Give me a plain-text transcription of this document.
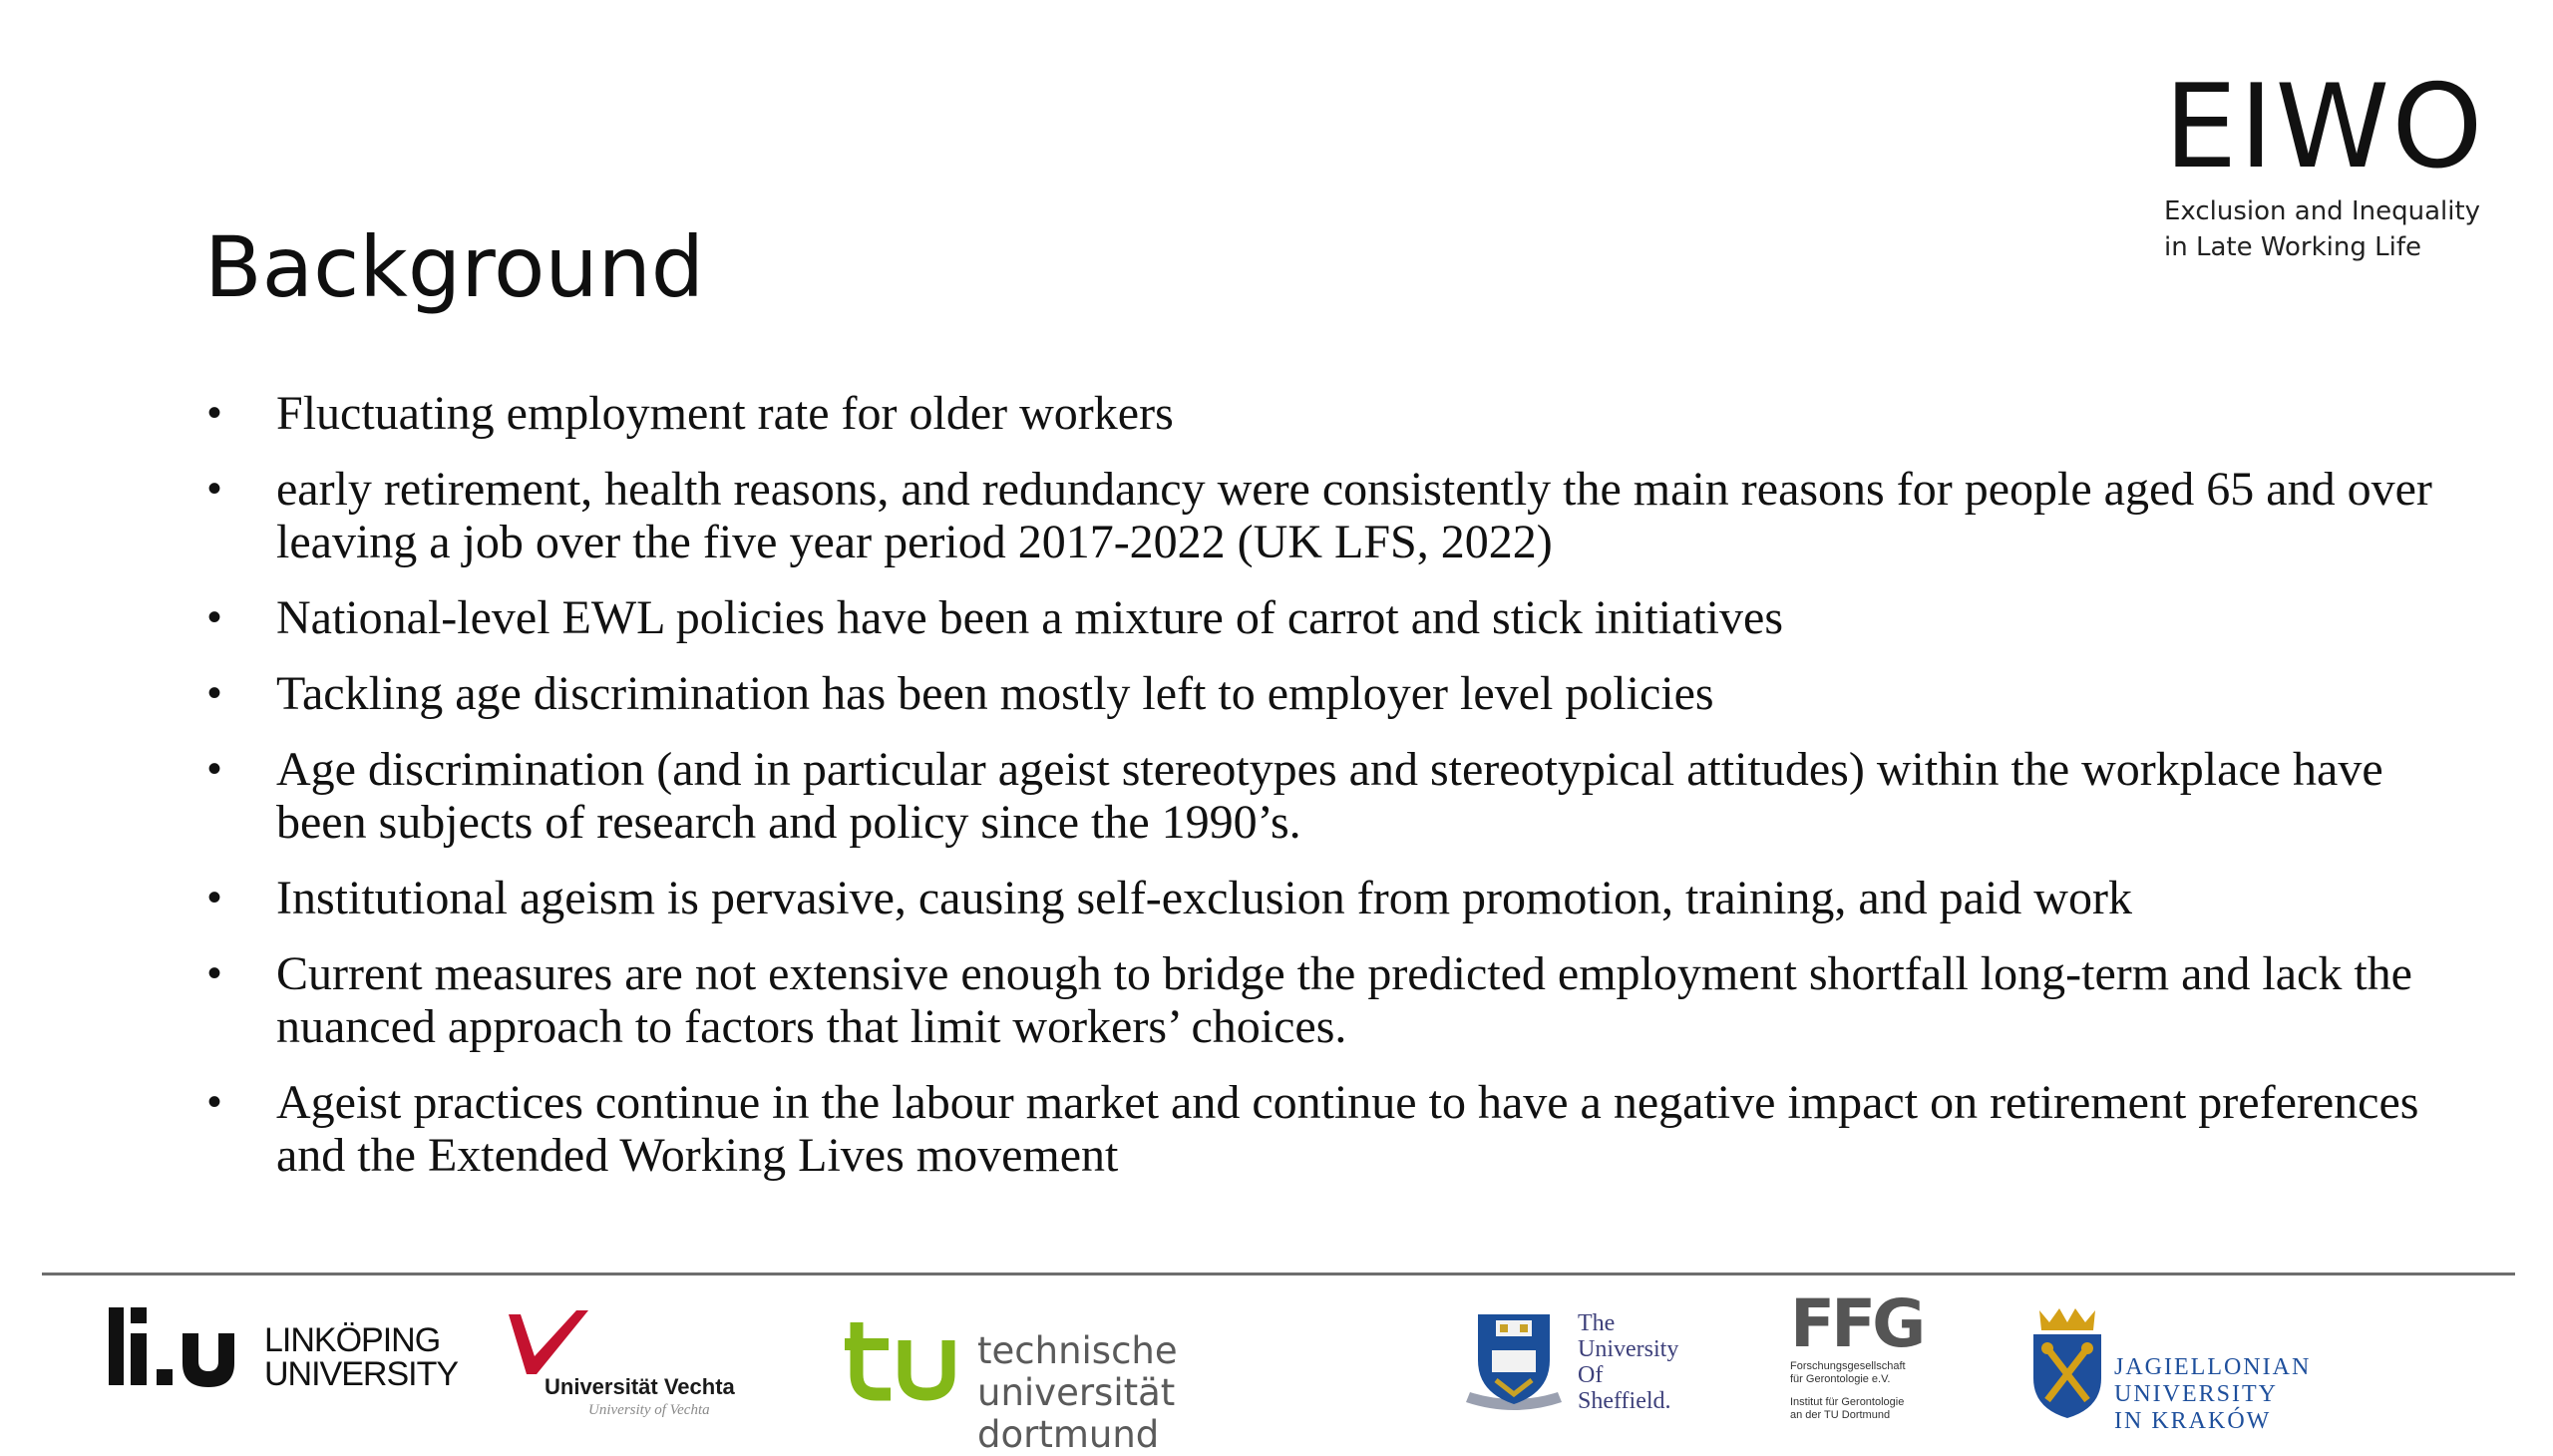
Background
EIWO
Exclusion and Inequality
in Late Working Life
• Fluctuating employment rate for older workers
• early retirement, health reasons, and redundancy were consistently the main reasons for people aged 65 and over leaving a job over the five year period 2017-2022 (UK LFS, 2022)
• National-level EWL policies have been a mixture of carrot and stick initiatives
• Tackling age discrimination has been mostly left to employer level policies
• Age discrimination (and in particular ageist stereotypes and stereotypical attitudes) within the workplace have been subjects of research and policy since the 1990’s.
• Institutional ageism is pervasive, causing self-exclusion from promotion, training, and paid work
• Current measures are not extensive enough to bridge the predicted employment shortfall long-term and lack the nuanced approach to factors that limit workers’ choices.
• Ageist practices continue in the labour market and continue to have a negative impact on retirement preferences and the Extended Working Lives movement
LINKÖPING
UNIVERSITY	Universität Vechta
University of Vechta
technische universität
dortmund
The
University
Of
Sheffield.
FFG
Forschungsgesellschaft
für Gerontologie e.V.
Institut für Gerontologie
an der TU Dortmund
JAGIELLONIAN UNIVERSITY
IN KRAKÓW
